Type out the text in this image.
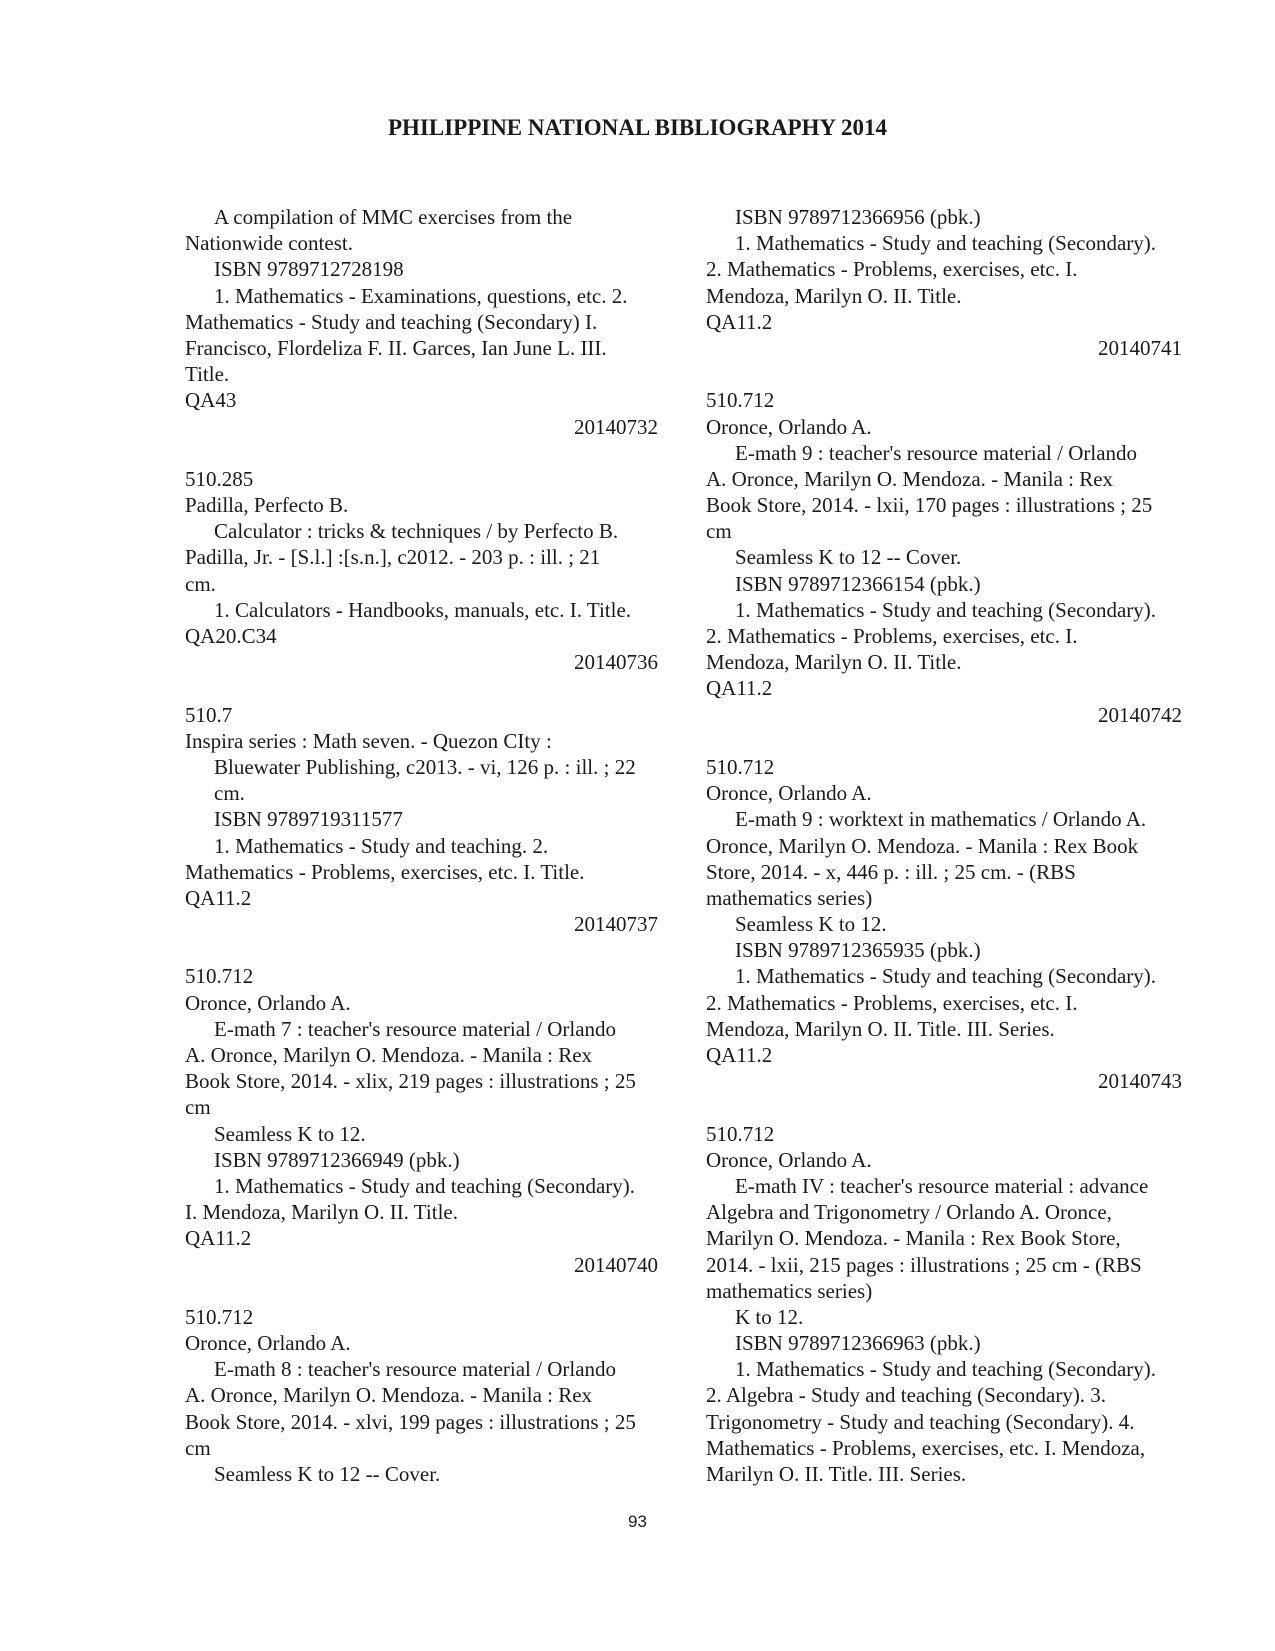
PHILIPPINE NATIONAL BIBLIOGRAPHY 2014
A compilation of MMC exercises from the
Nationwide contest.
ISBN 9789712728198
1. Mathematics - Examinations, questions, etc. 2.
Mathematics - Study and teaching (Secondary) I.
Francisco, Flordeliza F. II. Garces, Ian June L. III.
Title.
QA43
20140732
510.285
Padilla, Perfecto B.
Calculator : tricks & techniques / by Perfecto B.
Padilla, Jr. - [S.l.] :[s.n.], c2012. - 203 p. : ill. ; 21
cm.
1. Calculators - Handbooks, manuals, etc. I. Title.
QA20.C34
20140736
510.7
Inspira series : Math seven. - Quezon CIty :
Bluewater Publishing, c2013. - vi, 126 p. : ill. ; 22
cm.
ISBN 9789719311577
1. Mathematics - Study and teaching. 2.
Mathematics - Problems, exercises, etc. I. Title.
QA11.2
20140737
510.712
Oronce, Orlando A.
E-math 7 : teacher's resource material / Orlando
A. Oronce, Marilyn O. Mendoza. - Manila : Rex
Book Store, 2014. - xlix, 219 pages : illustrations ; 25
cm
Seamless K to 12.
ISBN 9789712366949 (pbk.)
1. Mathematics - Study and teaching (Secondary).
I. Mendoza, Marilyn O. II. Title.
QA11.2
20140740
510.712
Oronce, Orlando A.
E-math 8 : teacher's resource material / Orlando
A. Oronce, Marilyn O. Mendoza. - Manila : Rex
Book Store, 2014. - xlvi, 199 pages : illustrations ; 25
cm
Seamless K to 12 -- Cover.
ISBN 9789712366956 (pbk.)
1. Mathematics - Study and teaching (Secondary).
2. Mathematics - Problems, exercises, etc. I.
Mendoza, Marilyn O. II. Title.
QA11.2
20140741
510.712
Oronce, Orlando A.
E-math 9 : teacher's resource material / Orlando
A. Oronce, Marilyn O. Mendoza. - Manila : Rex
Book Store, 2014. - lxii, 170 pages : illustrations ; 25
cm
Seamless K to 12 -- Cover.
ISBN 9789712366154 (pbk.)
1. Mathematics - Study and teaching (Secondary).
2. Mathematics - Problems, exercises, etc. I.
Mendoza, Marilyn O. II. Title.
QA11.2
20140742
510.712
Oronce, Orlando A.
E-math 9 : worktext in mathematics / Orlando A.
Oronce, Marilyn O. Mendoza. - Manila : Rex Book
Store, 2014. - x, 446 p. : ill. ; 25 cm. - (RBS
mathematics series)
Seamless K to 12.
ISBN 9789712365935 (pbk.)
1. Mathematics - Study and teaching (Secondary).
2. Mathematics - Problems, exercises, etc. I.
Mendoza, Marilyn O. II. Title. III. Series.
QA11.2
20140743
510.712
Oronce, Orlando A.
E-math IV : teacher's resource material : advance
Algebra and Trigonometry / Orlando A. Oronce,
Marilyn O. Mendoza. - Manila : Rex Book Store,
2014. - lxii, 215 pages : illustrations ; 25 cm - (RBS
mathematics series)
K to 12.
ISBN 9789712366963 (pbk.)
1. Mathematics - Study and teaching (Secondary).
2. Algebra - Study and teaching (Secondary). 3.
Trigonometry - Study and teaching (Secondary). 4.
Mathematics - Problems, exercises, etc. I. Mendoza,
Marilyn O. II. Title. III. Series.
93
